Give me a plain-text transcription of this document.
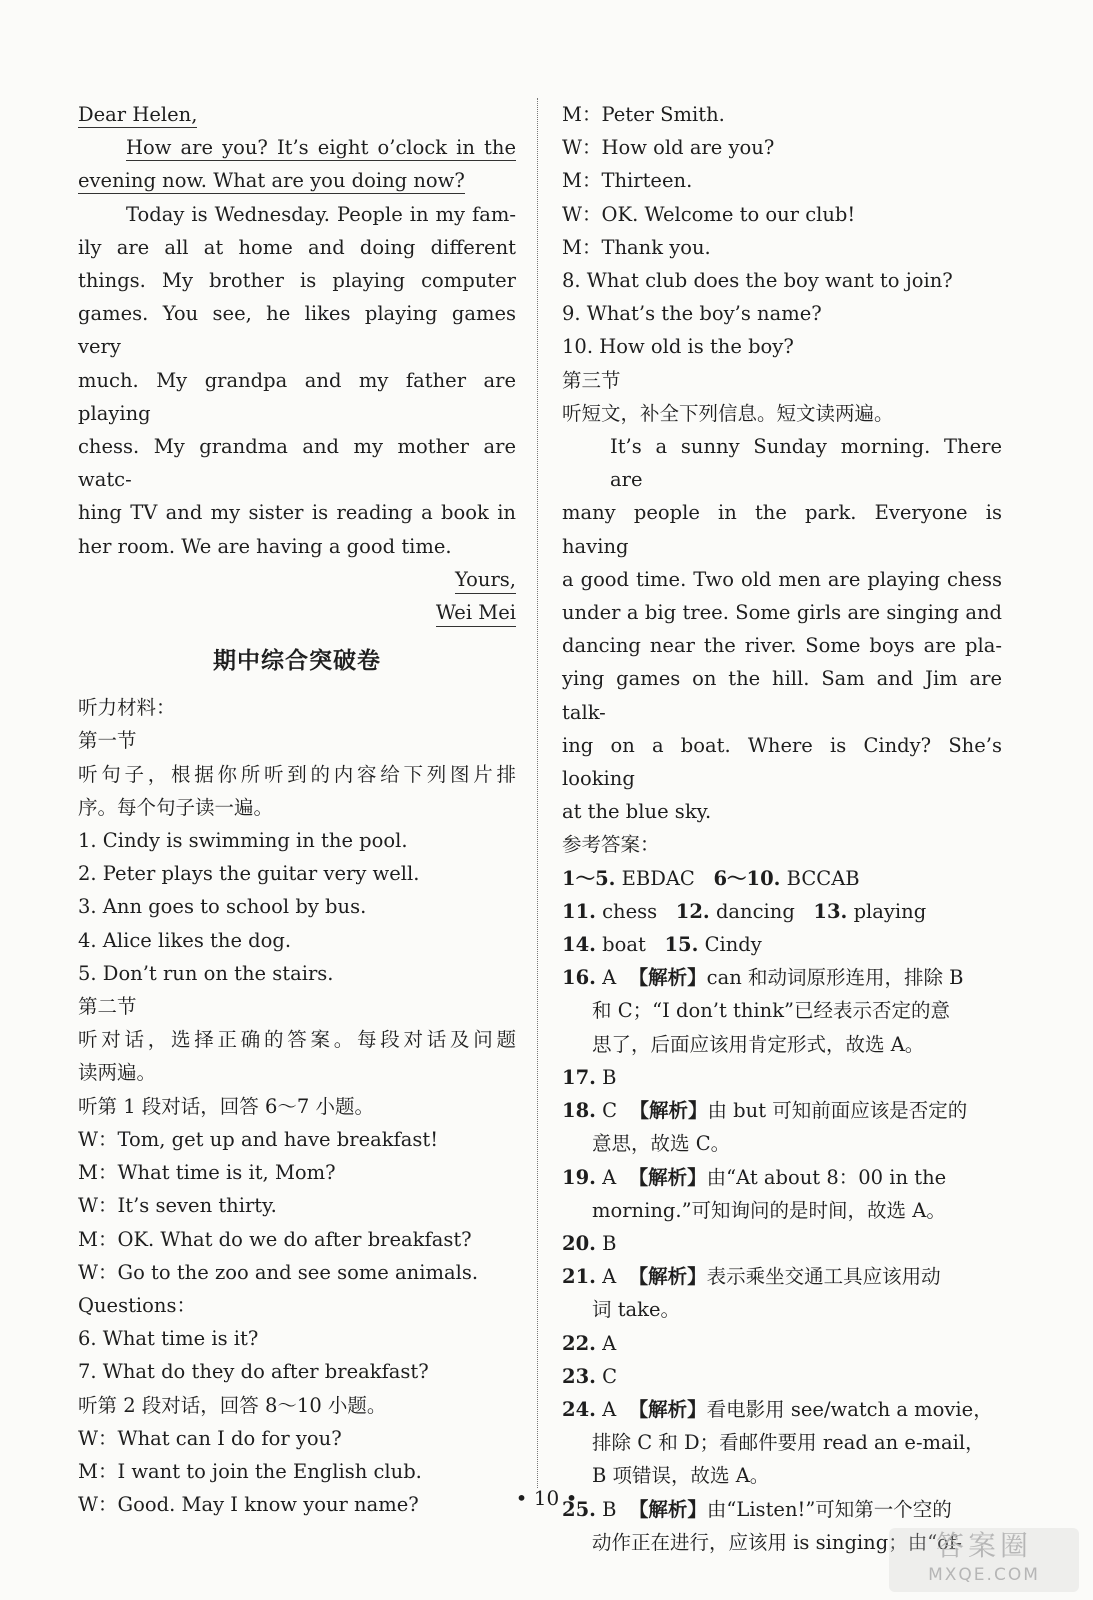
Dear Helen,
How are you? It’s eight o’clock in the
evening now. What are you doing now?
Today is Wednesday. People in my fam-
ily are all at home and doing different
things. My brother is playing computer
games. You see, he likes playing games very
much. My grandpa and my father are playing
chess. My grandma and my mother are watc-
hing TV and my sister is reading a book in
her room. We are having a good time.
Yours,
Wei Mei
期中综合突破卷
听力材料：
第一节
听句子，根据你所听到的内容给下列图片排
序。每个句子读一遍。
1. Cindy is swimming in the pool.
2. Peter plays the guitar very well.
3. Ann goes to school by bus.
4. Alice likes the dog.
5. Don’t run on the stairs.
第二节
听对话，选择正确的答案。每段对话及问题
读两遍。
听第 1 段对话，回答 6～7 小题。
W：Tom, get up and have breakfast!
M：What time is it, Mom?
W：It’s seven thirty.
M：OK. What do we do after breakfast?
W：Go to the zoo and see some animals.
Questions：
6. What time is it?
7. What do they do after breakfast?
听第 2 段对话，回答 8～10 小题。
W：What can I do for you?
M：I want to join the English club.
W：Good. May I know your name?
M：Peter Smith.
W：How old are you?
M：Thirteen.
W：OK. Welcome to our club!
M：Thank you.
8. What club does the boy want to join?
9. What’s the boy’s name?
10. How old is the boy?
第三节
听短文，补全下列信息。短文读两遍。
It’s a sunny Sunday morning. There are
many people in the park. Everyone is having
a good time. Two old men are playing chess
under a big tree. Some girls are singing and
dancing near the river. Some boys are pla-
ying games on the hill. Sam and Jim are talk-
ing on a boat. Where is Cindy? She’s looking
at the blue sky.
参考答案：
1～5. EBDAC 6～10. BCCAB
11. chess 12. dancing 13. playing
14. boat 15. Cindy
16. A 【解析】can 和动词原形连用，排除 B
和 C；“I don’t think”已经表示否定的意
思了，后面应该用肯定形式，故选 A。
17. B
18. C 【解析】由 but 可知前面应该是否定的
意思，故选 C。
19. A 【解析】由“At about 8：00 in the
morning.”可知询问的是时间，故选 A。
20. B
21. A 【解析】表示乘坐交通工具应该用动
词 take。
22. A
23. C
24. A 【解析】看电影用 see/watch a movie，
排除 C 和 D；看邮件要用 read an e-mail，
B 项错误，故选 A。
25. B 【解析】由“Listen!”可知第一个空的
动作正在进行，应该用 is singing；由“of-
• 10 •
答案圈
MXQE.COM
